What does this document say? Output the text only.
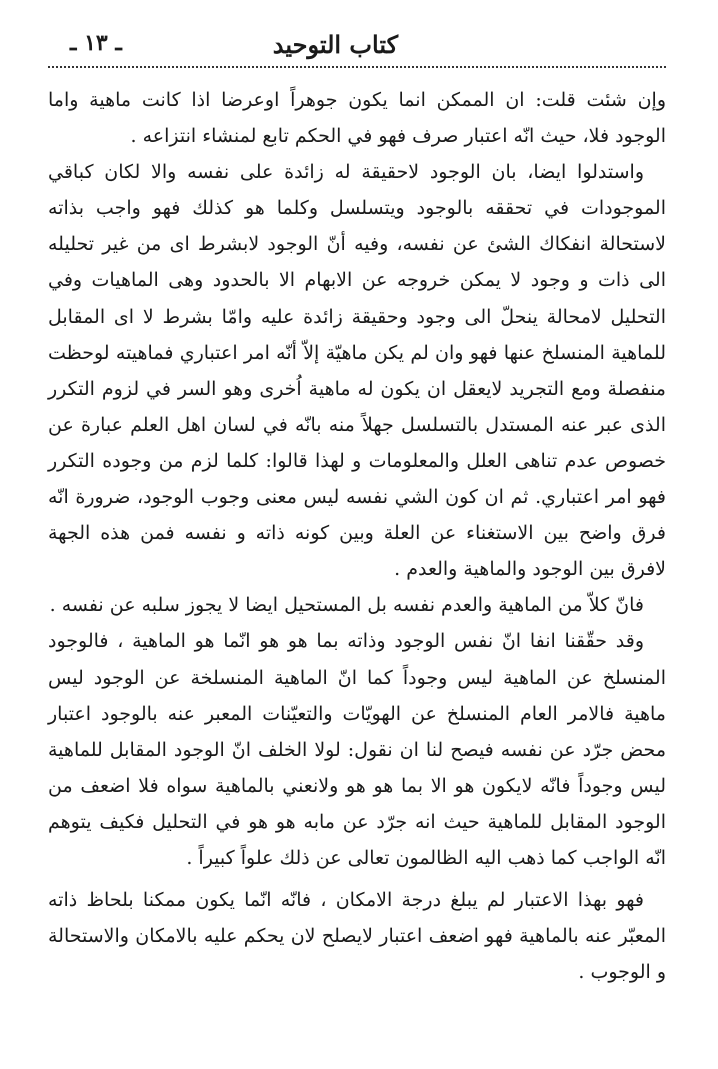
كتاب التوحيد
ـ ١٣ ـ

وإن شئت قلت: ان الممكن انما يكون جوهراً اوعرضا اذا كانت ماهية واما الوجود فلا، حيث انّه اعتبار صرف فهو في الحكم تابع لمنشاء انتزاعه .

واستدلوا ايضا، بان الوجود لاحقيقة له زائدة على نفسه والا لكان كباقي الموجودات في تحققه بالوجود ويتسلسل وكلما هو كذلك فهو واجب بذاته لاستحالة انفكاك الشئ عن نفسه، وفيه أنّ الوجود لابشرط اى من غير تحليله الى ذات و وجود لا يمكن خروجه عن الابهام الا بالحدود وهى الماهيات وفي التحليل لامحالة ينحلّ الى وجود وحقيقة زائدة عليه وامّا بشرط لا اى المقابل للماهية المنسلخ عنها فهو وان لم يكن ماهيّة إلاّ أنّه امر اعتباري فماهيته لوحظت منفصلة ومع التجريد لايعقل ان يكون له ماهية اُخرى وهو السر في لزوم التكرر الذى عبر عنه المستدل بالتسلسل جهلاً منه بانّه في لسان اهل العلم عبارة عن خصوص عدم تناهى العلل والمعلومات و لهذا قالوا: كلما لزم من وجوده التكرر فهو امر اعتباري. ثم ان كون الشي نفسه ليس معنى وجوب الوجود، ضرورة انّه فرق واضح بين الاستغناء عن العلة وبين كونه ذاته و نفسه فمن هذه الجهة لافرق بين الوجود والماهية والعدم .

فانّ كلاّ من الماهية والعدم نفسه بل المستحيل ايضا لا يجوز سلبه عن نفسه .

وقد حقّقنا انفا انّ نفس الوجود وذاته بما هو هو انّما هو الماهية ، فالوجود المنسلخ عن الماهية ليس وجوداً كما انّ الماهية المنسلخة عن الوجود ليس ماهية فالامر العام المنسلخ عن الهويّات والتعيّنات المعبر عنه بالوجود اعتبار محض جرّد عن نفسه فيصح لنا ان نقول: لولا الخلف انّ الوجود المقابل للماهية ليس وجوداً فانّه لايكون هو الا بما هو هو ولانعني بالماهية سواه فلا اضعف من الوجود المقابل للماهية حيث انه جرّد عن مابه هو هو في التحليل فكيف يتوهم انّه الواجب كما ذهب اليه الظالمون تعالى عن ذلك علواً كبيراً .

فهو بهذا الاعتبار لم يبلغ درجة الامكان ، فانّه انّما يكون ممكنا بلحاظ ذاته المعبّر عنه بالماهية فهو اضعف اعتبار لايصلح لان يحكم عليه بالامكان والاستحالة و الوجوب .
